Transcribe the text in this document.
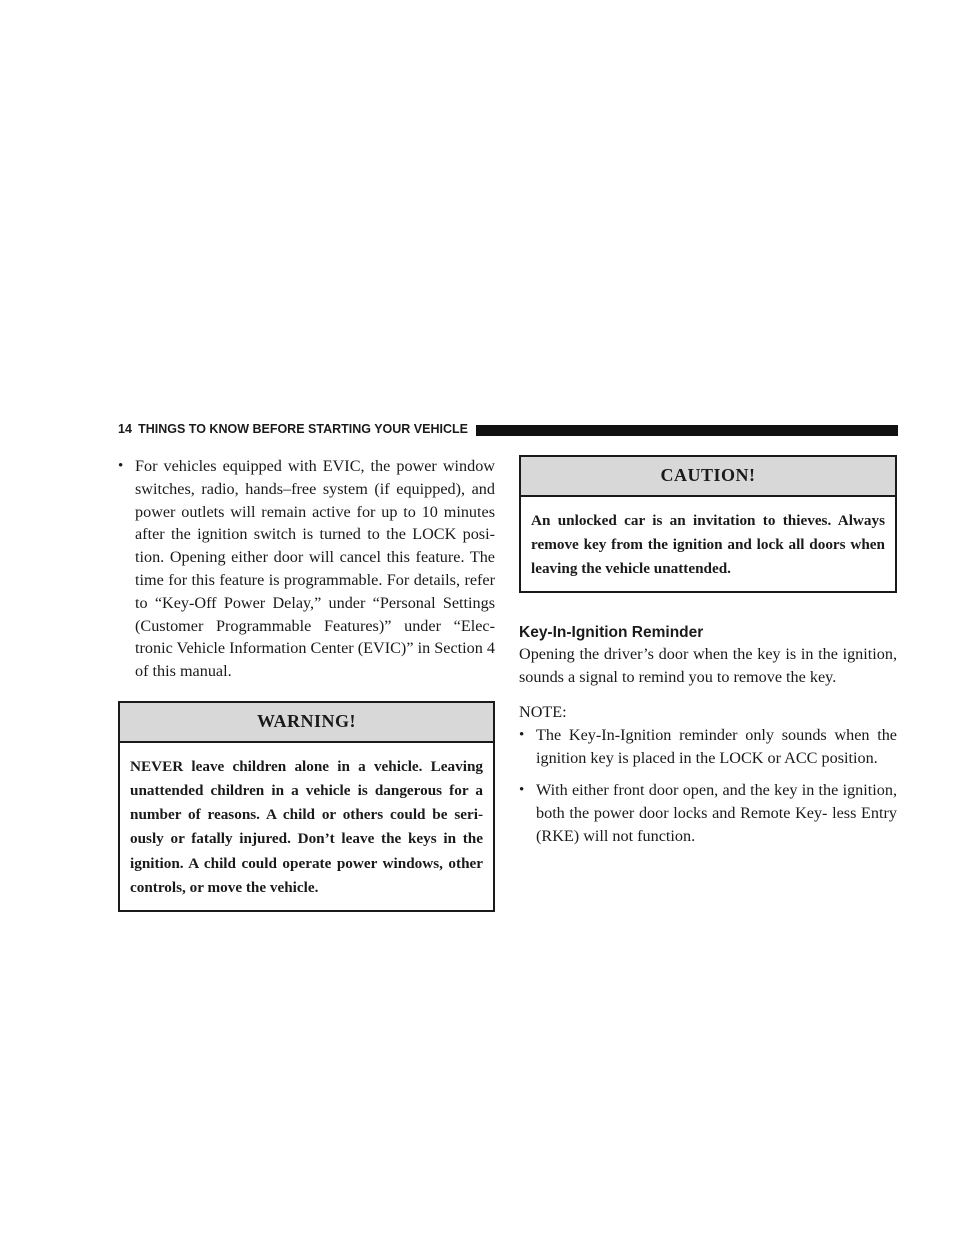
14 THINGS TO KNOW BEFORE STARTING YOUR VEHICLE
• For vehicles equipped with EVIC, the power window switches, radio, hands–free system (if equipped), and power outlets will remain active for up to 10 minutes after the ignition switch is turned to the LOCK posi- tion. Opening either door will cancel this feature. The time for this feature is programmable. For details, refer to “Key-Off Power Delay,” under “Personal Settings (Customer Programmable Features)” under “Elec- tronic Vehicle Information Center (EVIC)” in Section 4 of this manual.
WARNING!
NEVER leave children alone in a vehicle. Leaving unattended children in a vehicle is dangerous for a number of reasons. A child or others could be seri- ously or fatally injured. Don’t leave the keys in the ignition. A child could operate power windows, other controls, or move the vehicle.
CAUTION!
An unlocked car is an invitation to thieves. Always remove key from the ignition and lock all doors when leaving the vehicle unattended.
Key-In-Ignition Reminder
Opening the driver’s door when the key is in the ignition, sounds a signal to remind you to remove the key.
NOTE:
• The Key-In-Ignition reminder only sounds when the ignition key is placed in the LOCK or ACC position.
• With either front door open, and the key in the ignition, both the power door locks and Remote Key- less Entry (RKE) will not function.
